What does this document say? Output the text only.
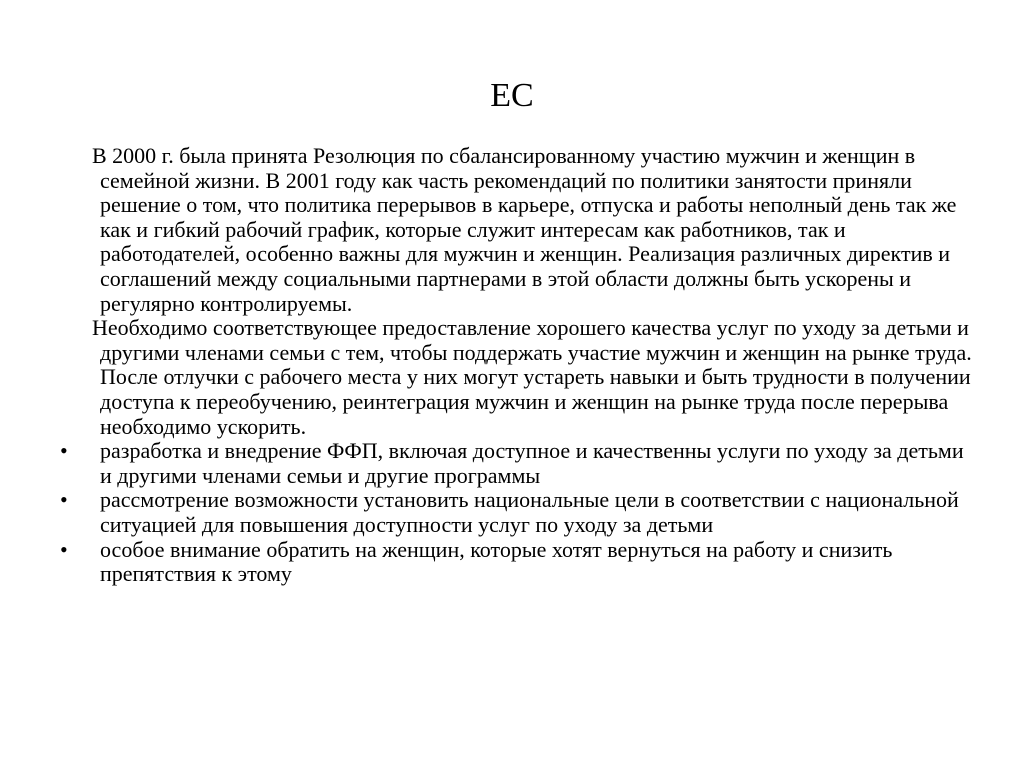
ЕС

В 2000 г. была принята Резолюция по сбалансированному участию мужчин и женщин в семейной жизни. В 2001 году как часть рекомендаций по политики занятости приняли решение о том, что политика перерывов в карьере, отпуска и работы неполный день так же как и гибкий рабочий график, которые служит интересам как работников, так и работодателей, особенно важны для мужчин и женщин. Реализация различных директив и соглашений между социальными партнерами в этой области должны быть ускорены и регулярно контролируемы.

Необходимо соответствующее предоставление хорошего качества услуг по уходу за детьми и другими членами семьи с тем, чтобы поддержать участие мужчин и женщин на рынке труда. После отлучки с рабочего места у них могут устареть навыки и быть трудности в получении доступа к переобучению, реинтеграция мужчин и женщин на рынке труда после перерыва необходимо ускорить.

• разработка и внедрение ФФП, включая доступное и качественны услуги по уходу за детьми и другими членами семьи и другие программы
• рассмотрение возможности установить национальные цели в соответствии с национальной ситуацией для повышения доступности услуг по уходу за детьми
• особое внимание обратить на женщин, которые хотят вернуться на работу и снизить препятствия к этому
